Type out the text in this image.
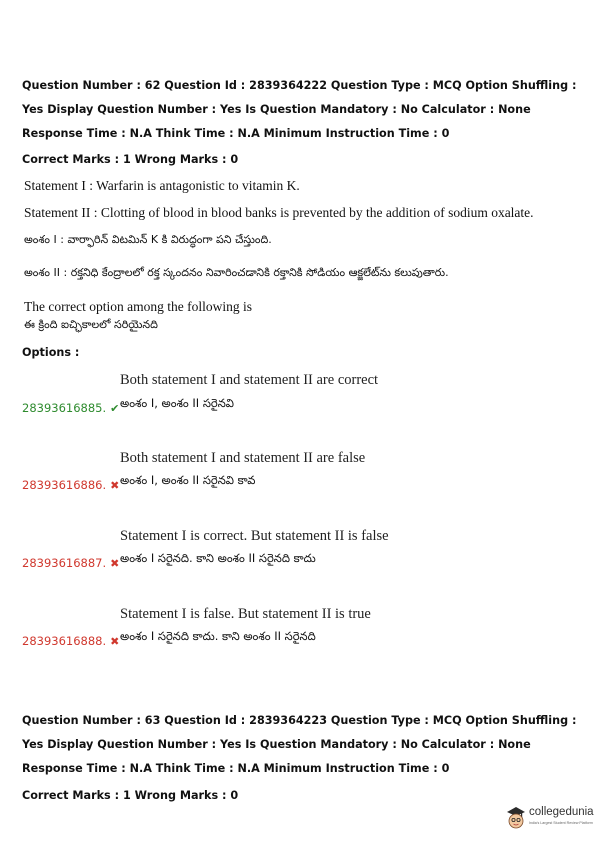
Question Number : 62 Question Id : 2839364222 Question Type : MCQ Option Shuffling : Yes Display Question Number : Yes Is Question Mandatory : No Calculator : None Response Time : N.A Think Time : N.A Minimum Instruction Time : 0
Correct Marks : 1 Wrong Marks : 0
Statement I : Warfarin is antagonistic to vitamin K.
Statement II : Clotting of blood in blood banks is prevented by the addition of sodium oxalate.
అంశం I : వార్ఫారిన్ విటమిన్ K కి విరుద్ధంగా పని చేస్తుంది.
అంశం II : రక్తనిధి కేంద్రాలలో రక్త స్కందనం నివారించడానికి రక్తానికి సోడియం ఆక్జలేట్‌ను కలుపుతారు.
The correct option among the following is
ఈ క్రింది ఐచ్ఛికాలలో సరియైనది
Options :
Both statement I and statement II are correct
28393616885. ✔ అంశం I, అంశం II సరైనవి
Both statement I and statement II are false
28393616886. ✖ అంశం I, అంశం II సరైనవి కావ
Statement I is correct. But statement II is false
28393616887. ✖ అంశం I సరైనది. కాని అంశం II సరైనది కాదు
Statement I is false. But statement II is true
28393616888. ✖ అంశం I సరైనది కాదు. కాని అంశం II సరైనది
Question Number : 63 Question Id : 2839364223 Question Type : MCQ Option Shuffling : Yes Display Question Number : Yes Is Question Mandatory : No Calculator : None Response Time : N.A Think Time : N.A Minimum Instruction Time : 0
Correct Marks : 1 Wrong Marks : 0
collegedunia
India's Largest Student Review Platform
